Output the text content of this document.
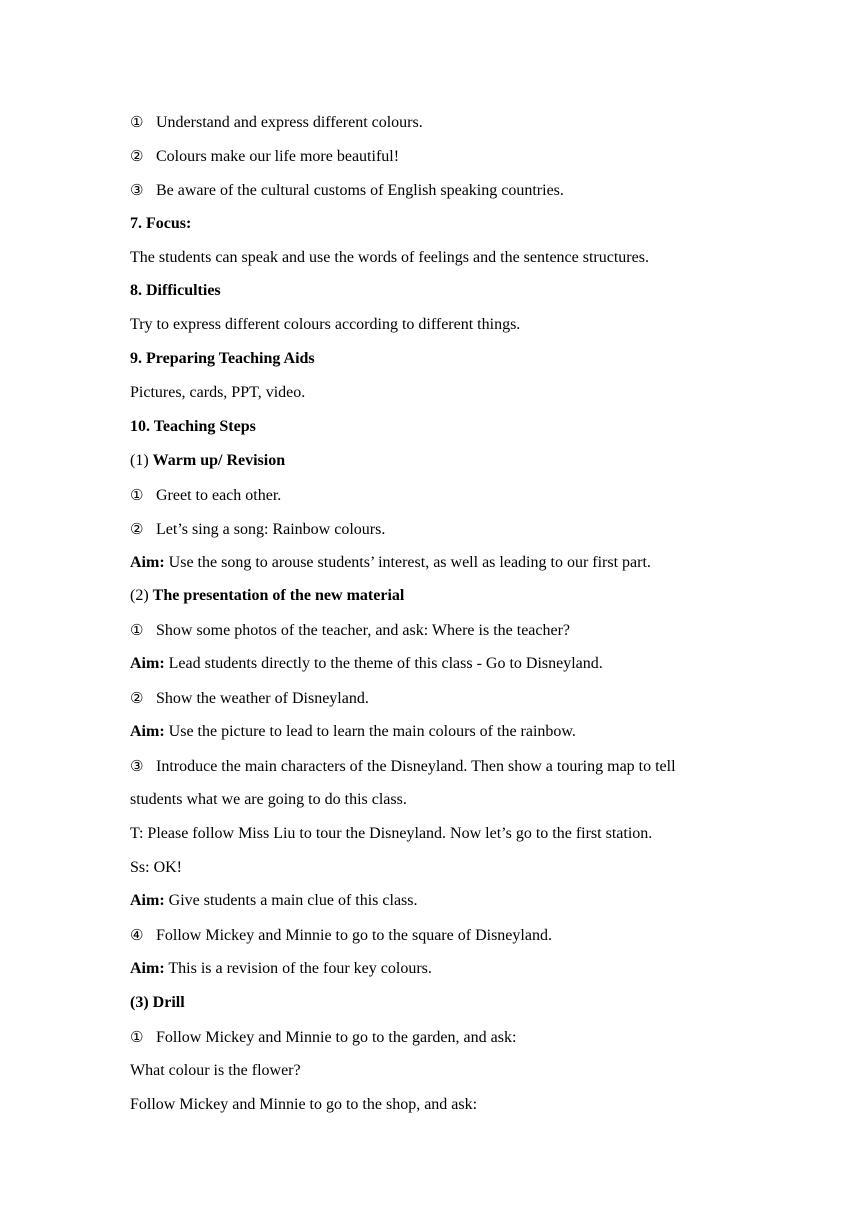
① Understand and express different colours.
② Colours make our life more beautiful!
③ Be aware of the cultural customs of English speaking countries.
7. Focus:
The students can speak and use the words of feelings and the sentence structures.
8. Difficulties
Try to express different colours according to different things.
9. Preparing Teaching Aids
Pictures, cards, PPT, video.
10. Teaching Steps
(1) Warm up/ Revision
① Greet to each other.
② Let’s sing a song: Rainbow colours.
Aim: Use the song to arouse students’ interest, as well as leading to our first part.
(2) The presentation of the new material
① Show some photos of the teacher, and ask: Where is the teacher?
Aim: Lead students directly to the theme of this class - Go to Disneyland.
② Show the weather of Disneyland.
Aim: Use the picture to lead to learn the main colours of the rainbow.
③ Introduce the main characters of the Disneyland. Then show a touring map to tell
students what we are going to do this class.
T: Please follow Miss Liu to tour the Disneyland. Now let’s go to the first station.
Ss: OK!
Aim: Give students a main clue of this class.
④ Follow Mickey and Minnie to go to the square of Disneyland.
Aim: This is a revision of the four key colours.
(3) Drill
① Follow Mickey and Minnie to go to the garden, and ask:
What colour is the flower?
Follow Mickey and Minnie to go to the shop, and ask:
